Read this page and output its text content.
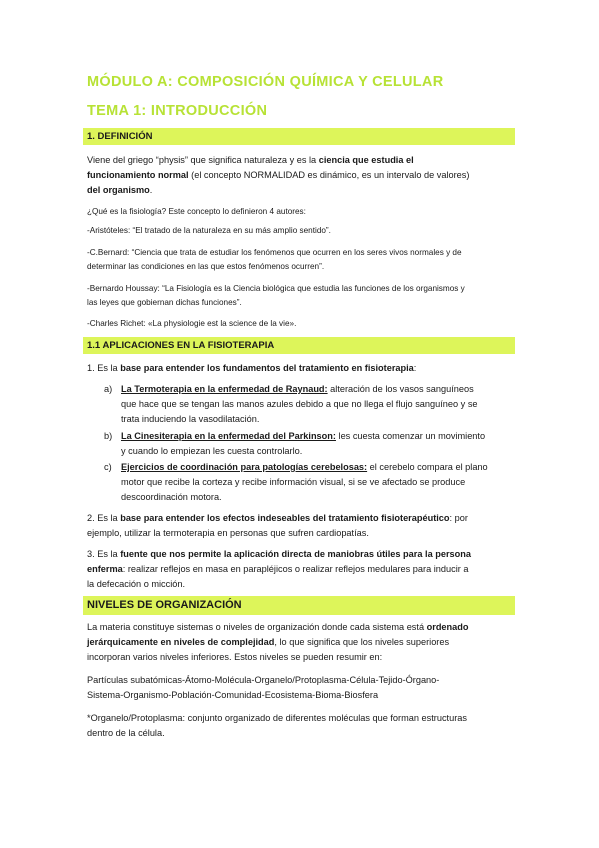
MÓDULO A: COMPOSICIÓN QUÍMICA Y CELULAR
TEMA 1: INTRODUCCIÓN
1. DEFINICIÓN
Viene del griego “physis” que significa naturaleza y es la ciencia que estudia el
funcionamiento normal (el concepto NORMALIDAD es dinámico, es un intervalo de valores)
del organismo.
¿Qué es la fisiología? Este concepto lo definieron 4 autores:
-Aristóteles: “El tratado de la naturaleza en su más amplio sentido”.
-C.Bernard: “Ciencia que trata de estudiar los fenómenos que ocurren en los seres vivos normales y de
determinar las condiciones en las que estos fenómenos ocurren”.
-Bernardo Houssay: “La Fisiología es la Ciencia biológica que estudia las funciones de los organismos y
las leyes que gobiernan dichas funciones”.
-Charles Richet: «La physiologie est la science de la vie».
1.1 APLICACIONES EN LA FISIOTERAPIA
1. Es la base para entender los fundamentos del tratamiento en fisioterapia:
a) La Termoterapia en la enfermedad de Raynaud: alteración de los vasos sanguíneos
que hace que se tengan las manos azules debido a que no llega el flujo sanguíneo y se
trata induciendo la vasodilatación.
b) La Cinesiterapia en la enfermedad del Parkinson: les cuesta comenzar un movimiento
y cuando lo empiezan les cuesta controlarlo.
c) Ejercicios de coordinación para patologías cerebelosas: el cerebelo compara el plano
motor que recibe la corteza y recibe información visual, si se ve afectado se produce
descoordinación motora.
2. Es la base para entender los efectos indeseables del tratamiento fisioterapéutico: por
ejemplo, utilizar la termoterapia en personas que sufren cardiopatías.
3. Es la fuente que nos permite la aplicación directa de maniobras útiles para la persona
enferma: realizar reflejos en masa en parapléjicos o realizar reflejos medulares para inducir a
la defecación o micción.
NIVELES DE ORGANIZACIÓN
La materia constituye sistemas o niveles de organización donde cada sistema está ordenado
jerárquicamente en niveles de complejidad, lo que significa que los niveles superiores
incorporan varios niveles inferiores. Estos niveles se pueden resumir en:
Partículas subatómicas-Átomo-Molécula-Organelo/Protoplasma-Célula-Tejido-Órgano-
Sistema-Organismo-Población-Comunidad-Ecosistema-Bioma-Biosfera
*Organelo/Protoplasma: conjunto organizado de diferentes moléculas que forman estructuras
dentro de la célula.
